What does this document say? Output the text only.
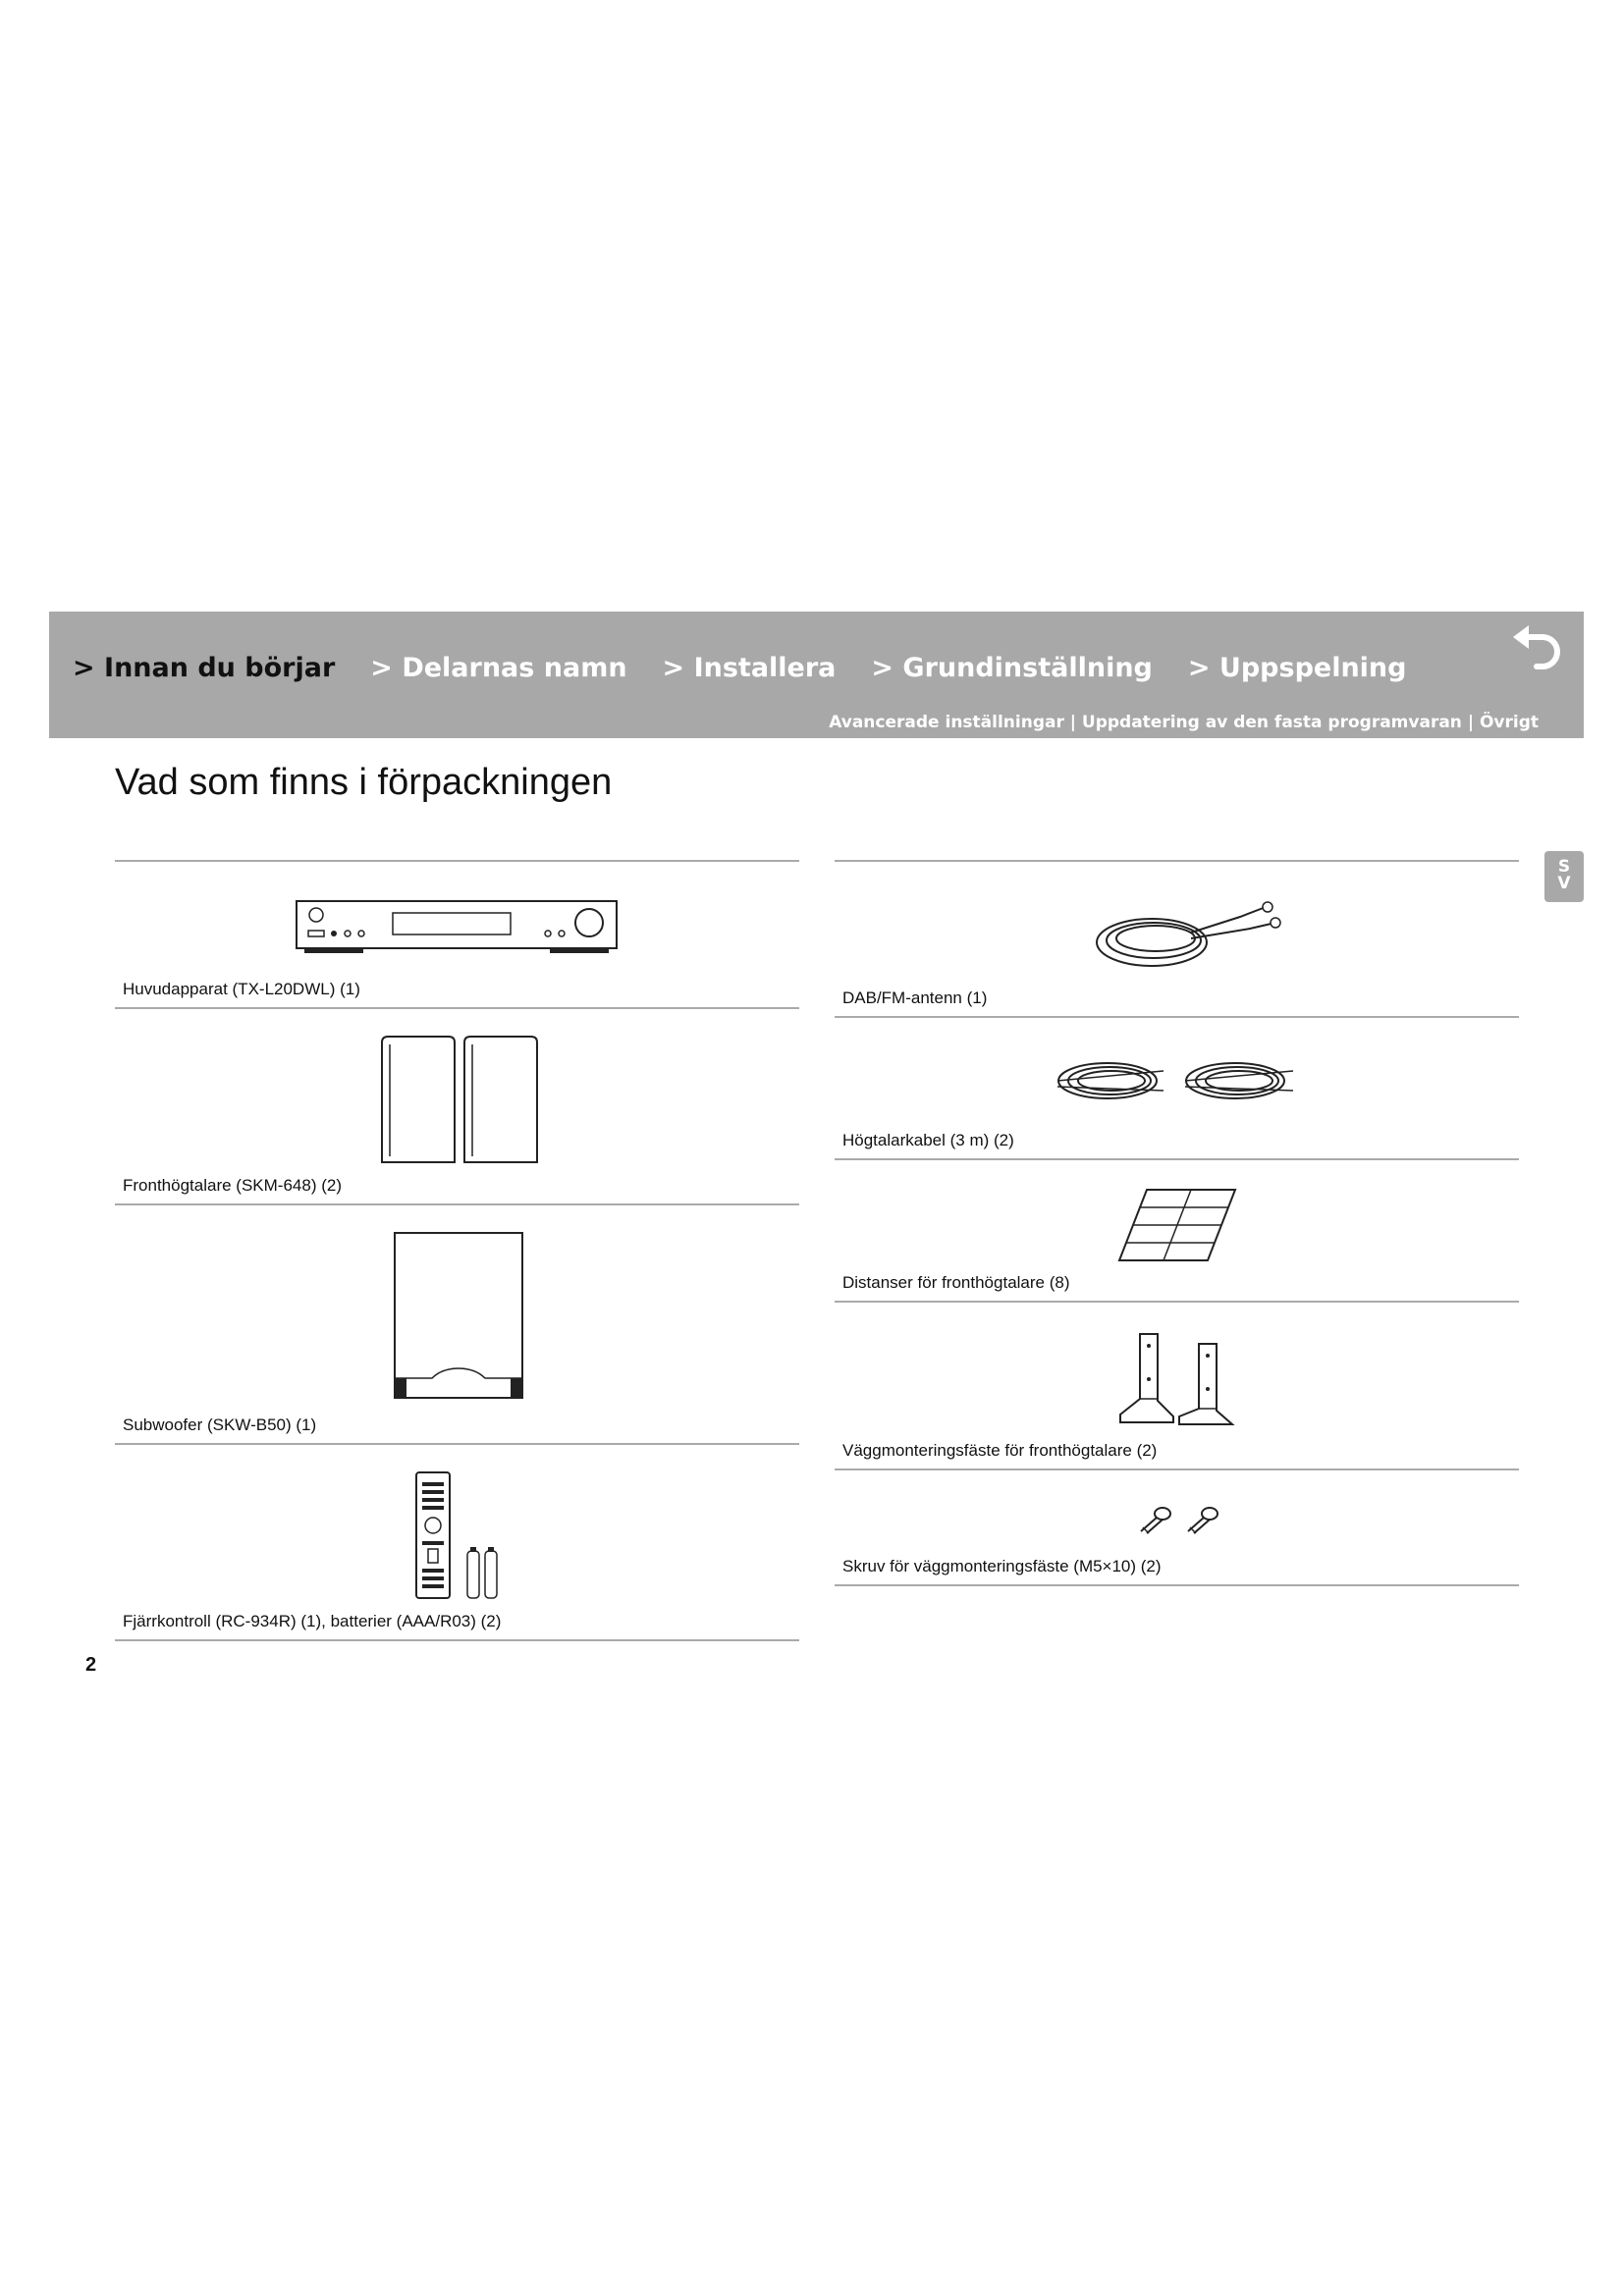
> Innan du börjar > Delarnas namn > Installera > Grundinställning > Uppspelning
Avancerade inställningar | Uppdatering av den fasta programvaran | Övrigt
S
V
Vad som finns i förpackningen
Huvudapparat (TX-L20DWL) (1)
Fronthögtalare (SKM-648) (2)
Subwoofer (SKW-B50) (1)
Fjärrkontroll (RC-934R) (1), batterier (AAA/R03) (2)
DAB/FM-antenn (1)
Högtalarkabel (3 m) (2)
Distanser för fronthögtalare (8)
Väggmonteringsfäste för fronthögtalare (2)
Skruv för väggmonteringsfäste (M5×10) (2)
2
